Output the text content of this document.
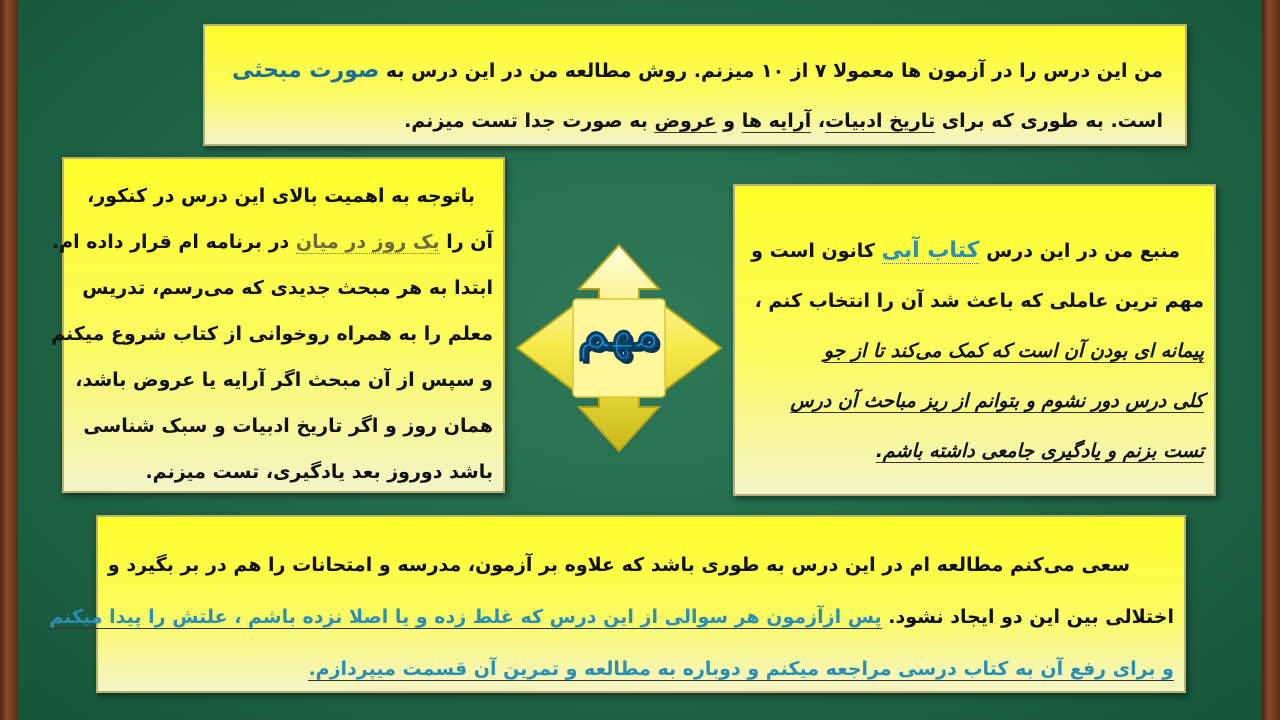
من این درس را در آزمون ها معمولا ۷ از ۱۰ میزنم. روش مطالعه من در این درس به صورت مبحثی
است. به طوری که برای تاریخ ادبیات، آرایه ها و عروض به صورت جدا تست میزنم.
باتوجه به اهمیت بالای این درس در کنکور،
آن را یک روز در میان در برنامه ام قرار داده ام.
ابتدا به هر مبحث جدیدی که می‌رسم، تدریس
معلم را به همراه روخوانی از کتاب شروع میکنم
و سپس از آن مبحث اگر آرایه یا عروض باشد،
همان روز و اگر تاریخ ادبیات و سبک شناسی
باشد دوروز بعد یادگیری، تست میزنم.
مهم
منبع من در این درس کتاب آبی کانون است و
مهم ترین عاملی که باعث شد آن را انتخاب کنم ،
پیمانه ای بودن آن است که کمک می‌کند تا از جو
کلی درس دور نشوم و بتوانم از ریز مباحث آن درس
تست بزنم و یادگیری جامعی داشته باشم.
سعی می‌کنم مطالعه ام در این درس به طوری باشد که علاوه بر آزمون، مدرسه و امتحانات را هم در بر بگیرد و
اختلالی بین این دو ایجاد نشود. پس ازآزمون هر سوالی از این درس که غلط زده و یا اصلا نزده باشم ، علتش را پیدا میکنم
و برای رفع آن به کتاب درسی مراجعه میکنم و دوباره به مطالعه و تمرین آن قسمت میپردازم.
